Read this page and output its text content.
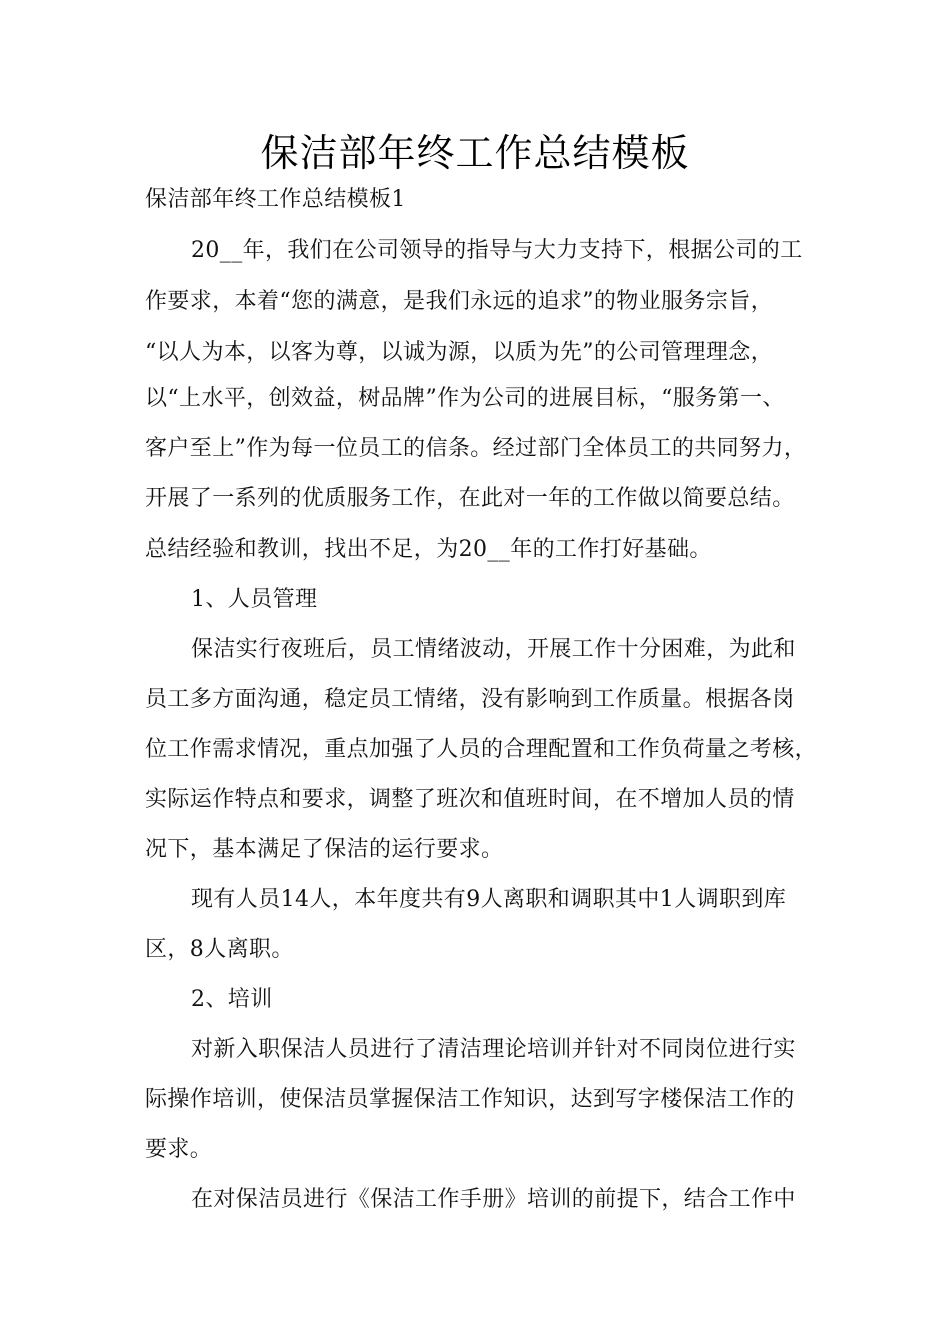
保洁部年终工作总结模板
保洁部年终工作总结模板1
20__年，我们在公司领导的指导与大力支持下，根据公司的工
作要求，本着“您的满意，是我们永远的追求”的物业服务宗旨，
“以人为本，以客为尊，以诚为源，以质为先”的公司管理理念，
以“上水平，创效益，树品牌”作为公司的进展目标，“服务第一、
客户至上”作为每一位员工的信条。经过部门全体员工的共同努力，
开展了一系列的优质服务工作，在此对一年的工作做以简要总结。
总结经验和教训，找出不足，为20__年的工作打好基础。
1、人员管理
保洁实行夜班后，员工情绪波动，开展工作十分困难，为此和
员工多方面沟通，稳定员工情绪，没有影响到工作质量。根据各岗
位工作需求情况，重点加强了人员的合理配置和工作负荷量之考核，
实际运作特点和要求，调整了班次和值班时间，在不增加人员的情
况下，基本满足了保洁的运行要求。
现有人员14人，本年度共有9人离职和调职其中1人调职到库
区，8人离职。
2、培训
对新入职保洁人员进行了清洁理论培训并针对不同岗位进行实
际操作培训，使保洁员掌握保洁工作知识，达到写字楼保洁工作的
要求。
在对保洁员进行《保洁工作手册》培训的前提下，结合工作中
